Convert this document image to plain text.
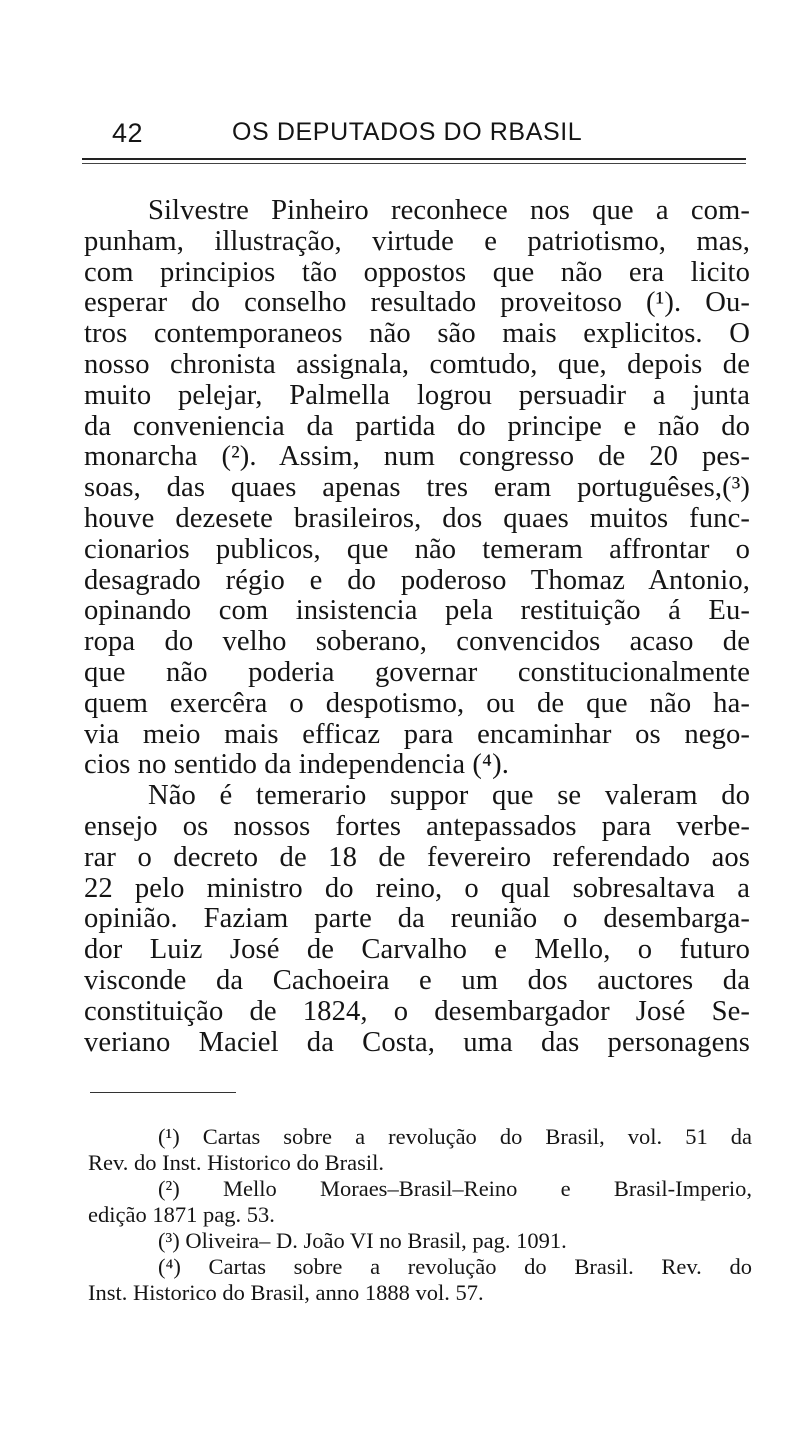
42	OS DEPUTADOS DO RBASIL
Silvestre Pinheiro reconhece nos que a com-
punham, illustração, virtude e patriotismo, mas,
com principios tão oppostos que não era licito
esperar do conselho resultado proveitoso (¹). Ou-
tros contemporaneos não são mais explicitos. O
nosso chronista assignala, comtudo, que, depois de
muito pelejar, Palmella logrou persuadir a junta
da conveniencia da partida do principe e não do
monarcha (²). Assim, num congresso de 20 pes-
soas, das quaes apenas tres eram portuguêses,(³)
houve dezesete brasileiros, dos quaes muitos func-
cionarios publicos, que não temeram affrontar o
desagrado régio e do poderoso Thomaz Antonio,
opinando com insistencia pela restituição á Eu-
ropa do velho soberano, convencidos acaso de
que não poderia governar constitucionalmente
quem exercêra o despotismo, ou de que não ha-
via meio mais efficaz para encaminhar os nego-
cios no sentido da independencia (⁴).
Não é temerario suppor que se valeram do
ensejo os nossos fortes antepassados para verbe-
rar o decreto de 18 de fevereiro referendado aos
22 pelo ministro do reino, o qual sobresaltava a
opinião. Faziam parte da reunião o desembarga-
dor Luiz José de Carvalho e Mello, o futuro
visconde da Cachoeira e um dos auctores da
constituição de 1824, o desembargador José Se-
veriano Maciel da Costa, uma das personagens
(¹) Cartas sobre a revolução do Brasil, vol. 51 da
Rev. do Inst. Historico do Brasil.
(²) Mello Moraes–Brasil–Reino e Brasil-Imperio,
edição 1871 pag. 53.
(³) Oliveira– D. João VI no Brasil, pag. 1091.
(⁴) Cartas sobre a revolução do Brasil. Rev. do
Inst. Historico do Brasil, anno 1888 vol. 57.
